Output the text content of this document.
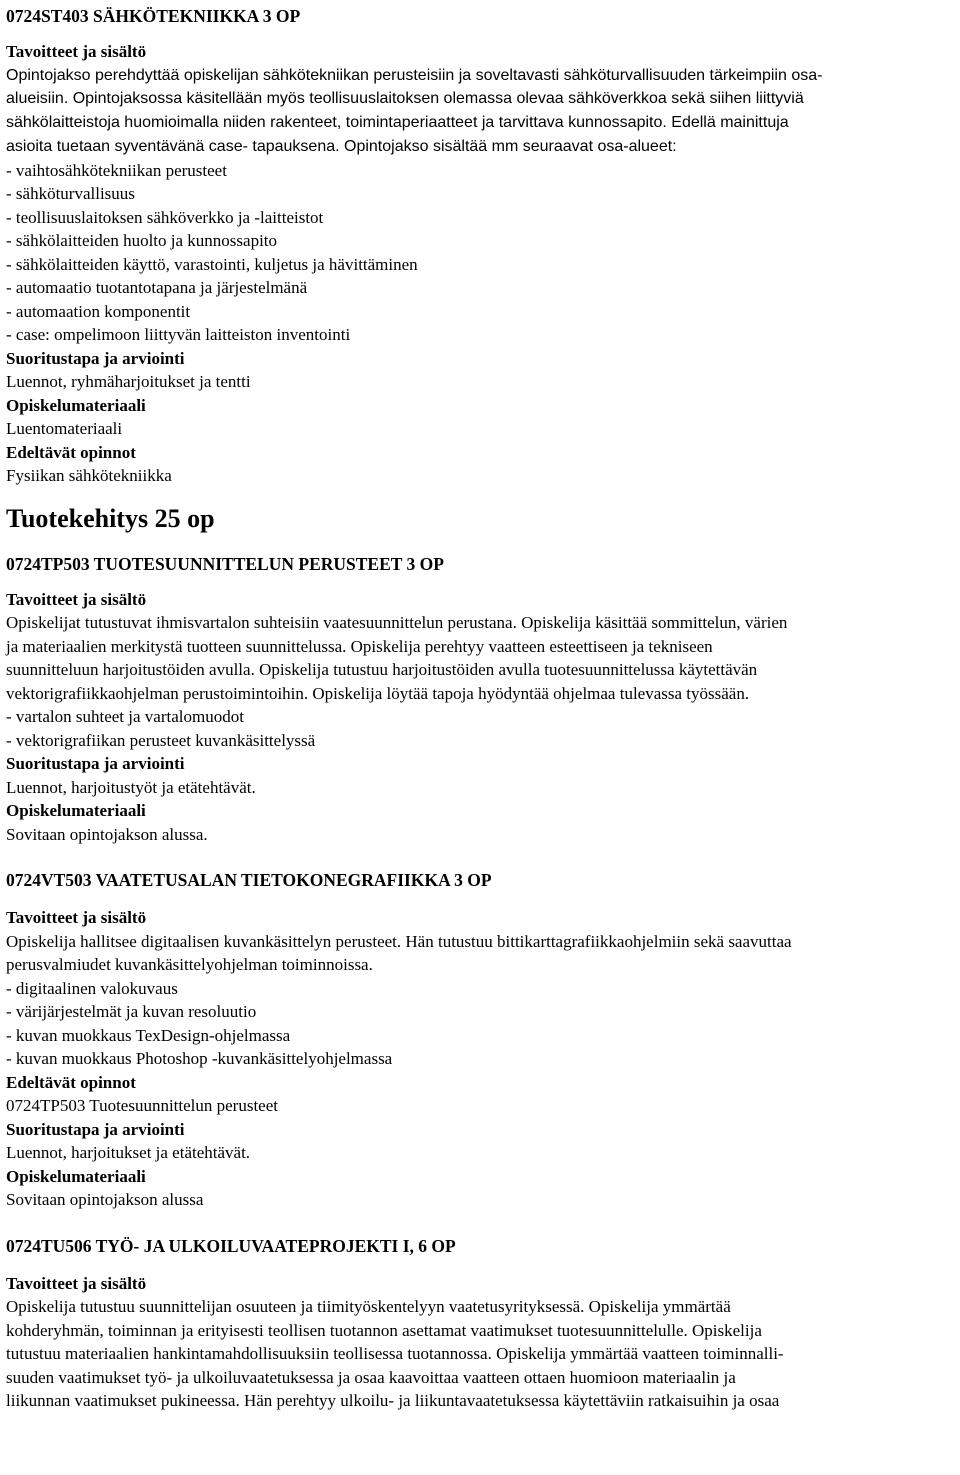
0724ST403 SÄHKÖTEKNIIKKA 3 OP
Tavoitteet ja sisältö
Opintojakso perehdyttää opiskelijan sähkötekniikan perusteisiin ja soveltavasti sähköturvallisuuden tärkeimpiin osa-
alueisiin. Opintojaksossa käsitellään myös teollisuuslaitoksen olemassa olevaa sähköverkkoa sekä siihen liittyviä
sähkölaitteistoja huomioimalla niiden rakenteet, toimintaperiaatteet ja tarvittava kunnossapito. Edellä mainittuja
asioita tuetaan syventävänä case- tapauksena. Opintojakso sisältää mm seuraavat osa-alueet:
- vaihtosähkötekniikan perusteet
- sähköturvallisuus
- teollisuuslaitoksen sähköverkko ja -laitteistot
- sähkölaitteiden huolto ja kunnossapito
- sähkölaitteiden käyttö, varastointi, kuljetus ja hävittäminen
- automaatio tuotantotapana ja järjestelmänä
- automaation komponentit
- case: ompelimoon liittyvän laitteiston inventointi
Suoritustapa ja arviointi
Luennot, ryhmäharjoitukset ja tentti
Opiskelumateriaali
Luentomateriaali
Edeltävät opinnot
Fysiikan sähkötekniikka
Tuotekehitys 25 op
0724TP503 TUOTESUUNNITTELUN PERUSTEET 3 OP
Tavoitteet ja sisältö
Opiskelijat tutustuvat ihmisvartalon suhteisiin vaatesuunnittelun perustana. Opiskelija käsittää sommittelun, värien
ja materiaalien merkitystä tuotteen suunnittelussa. Opiskelija perehtyy vaatteen esteettiseen ja tekniseen
suunnitteluun harjoitustöiden avulla. Opiskelija tutustuu harjoitustöiden avulla tuotesuunnittelussa käytettävän
vektorigrafiikkaohjelman perustoimintoihin. Opiskelija löytää tapoja hyödyntää ohjelmaa tulevassa työssään.
- vartalon suhteet ja vartalomuodot
- vektorigrafiikan perusteet kuvankäsittelyssä
Suoritustapa ja arviointi
Luennot, harjoitustyöt ja etätehtävät.
Opiskelumateriaali
Sovitaan opintojakson alussa.
0724VT503 VAATETUSALAN TIETOKONEGRAFIIKKA 3 OP
Tavoitteet ja sisältö
Opiskelija hallitsee digitaalisen kuvankäsittelyn perusteet. Hän tutustuu bittikarttagrafiikkaohjelmiin sekä saavuttaa
perusvalmiudet kuvankäsittelyohjelman toiminnoissa.
- digitaalinen valokuvaus
- värijärjestelmät ja kuvan resoluutio
- kuvan muokkaus TexDesign-ohjelmassa
- kuvan muokkaus Photoshop -kuvankäsittelyohjelmassa
Edeltävät opinnot
0724TP503 Tuotesuunnittelun perusteet
Suoritustapa ja arviointi
Luennot, harjoitukset ja etätehtävät.
Opiskelumateriaali
Sovitaan opintojakson alussa
0724TU506 TYÖ- JA ULKOILUVAATEPROJEKTI I, 6 OP
Tavoitteet ja sisältö
Opiskelija tutustuu suunnittelijan osuuteen ja tiimityöskentelyyn vaatetusyrityksessä. Opiskelija ymmärtää
kohderyhmän, toiminnan ja erityisesti teollisen tuotannon asettamat vaatimukset tuotesuunnittelulle. Opiskelija
tutustuu materiaalien hankintamahdollisuuksiin teollisessa tuotannossa. Opiskelija ymmärtää vaatteen toiminnalli-
suuden vaatimukset työ- ja ulkoiluvaatetuksessa ja osaa kaavoittaa vaatteen ottaen huomioon materiaalin ja
liikunnan vaatimukset pukineessa. Hän perehtyy ulkoilu- ja liikuntavaatetuksessa käytettäviin ratkaisuihin ja osaa
